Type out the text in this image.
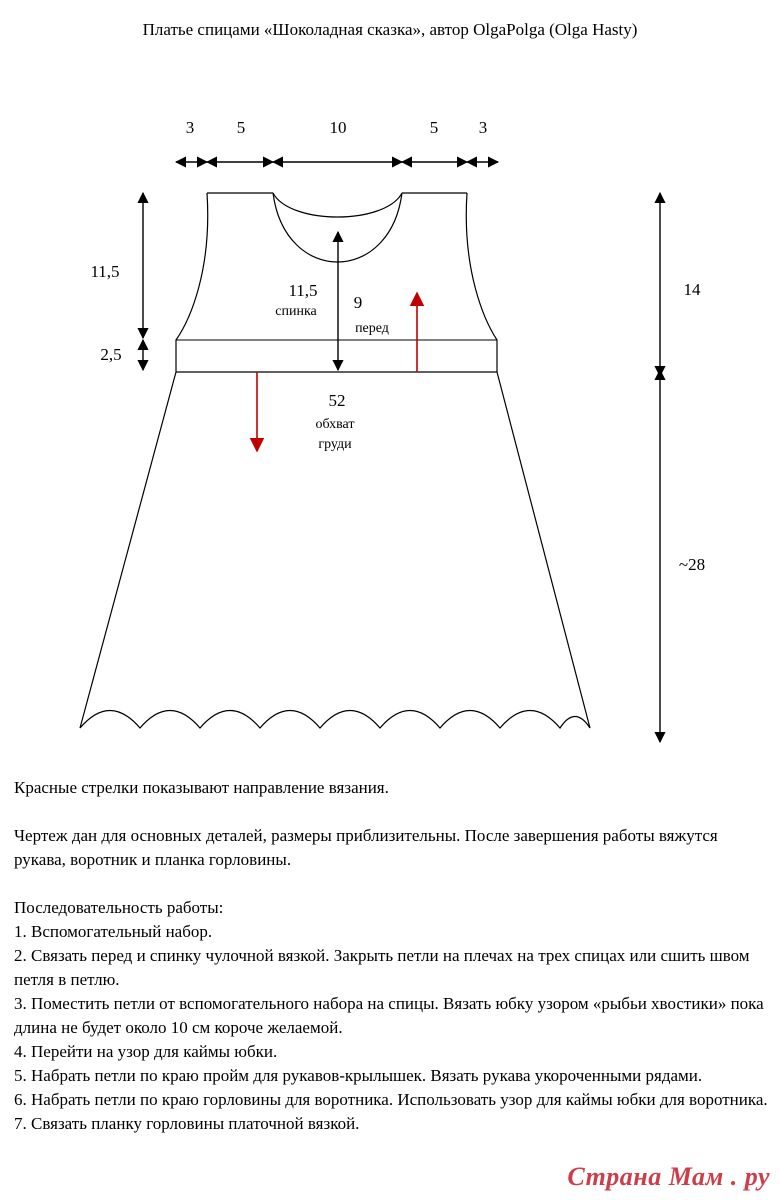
Платье спицами «Шоколадная сказка», автор OlgaPolga (Olga Hasty)
3	5	10	5 3
11,5
2,5
11,5
спинка 9
перед
52
обхват
груди
14
~28

Красные стрелки показывают направление вязания.

Чертеж дан для основных деталей, размеры приблизительны. После завершения работы вяжутся рукава, воротник и планка горловины.

Последовательность работы:

1. Вспомогательный набор.

2. Связать перед и спинку чулочной вязкой. Закрыть петли на плечах на трех спицах или сшить швом петля в петлю.

3. Поместить петли от вспомогательного набора на спицы. Вязать юбку узором «рыбьи хвостики» пока длина не будет около 10 см короче желаемой.

4. Перейти на узор для каймы юбки.

5. Набрать петли по краю пройм для рукавов-крылышек. Вязать рукава укороченными рядами.

6. Набрать петли по краю горловины для воротника. Использовать узор для каймы юбки для воротника.

7. Связать планку горловины платочной вязкой.

Страна Мам . ру
